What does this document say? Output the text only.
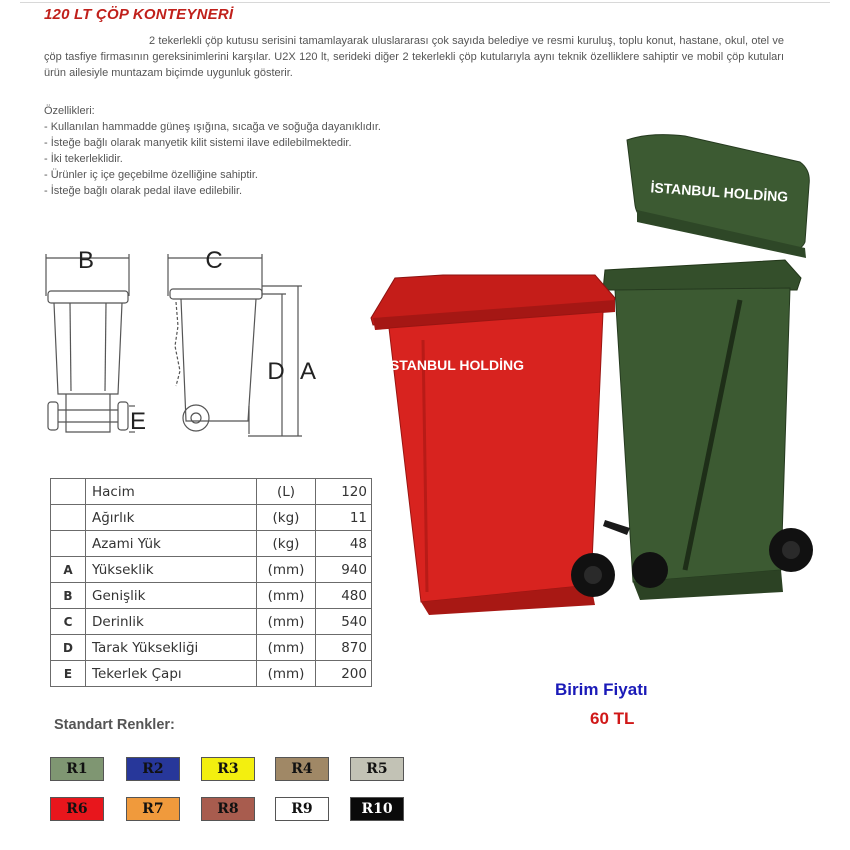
120 LT ÇÖP KONTEYNERİ
2 tekerlekli çöp kutusu serisini tamamlayarak uluslararası çok sayıda belediye ve resmi kuruluş, toplu konut, hastane, okul, otel ve çöp tasfiye firmasının gereksinimlerini karşılar. U2X 120 lt, serideki diğer 2 tekerlekli çöp kutularıyla aynı teknik özelliklere sahiptir ve mobil çöp kutuları ürün ailesiyle muntazam biçimde uygunluk gösterir.
Özellikleri:
- Kullanılan hammadde güneş ışığına, sıcağa ve soğuğa dayanıklıdır.
- İsteğe bağlı olarak manyetik kilit sistemi ilave edilebilmektedir.
- İki tekerleklidir.
- Ürünler iç içe geçebilme özelliğine sahiptir.
- İsteğe bağlı olarak pedal ilave edilebilir.
B	C
D A
E
	Hacim	(L)	120
	Ağırlık	(kg)	11
	Azami Yük	(kg)	48
A	Yükseklik	(mm)	940
B	Genişlik	(mm)	480
C	Derinlik	(mm)	540
D	Tarak Yüksekliği	(mm)	870
E	Tekerlek Çapı	(mm)	200
İSTANBUL HOLDİNG
İSTANBUL HOLDİNG
Birim Fiyatı
60 TL
Standart Renkler:
R1	R2	R3	R4	R5
R6	R7	R8	R9	R10
